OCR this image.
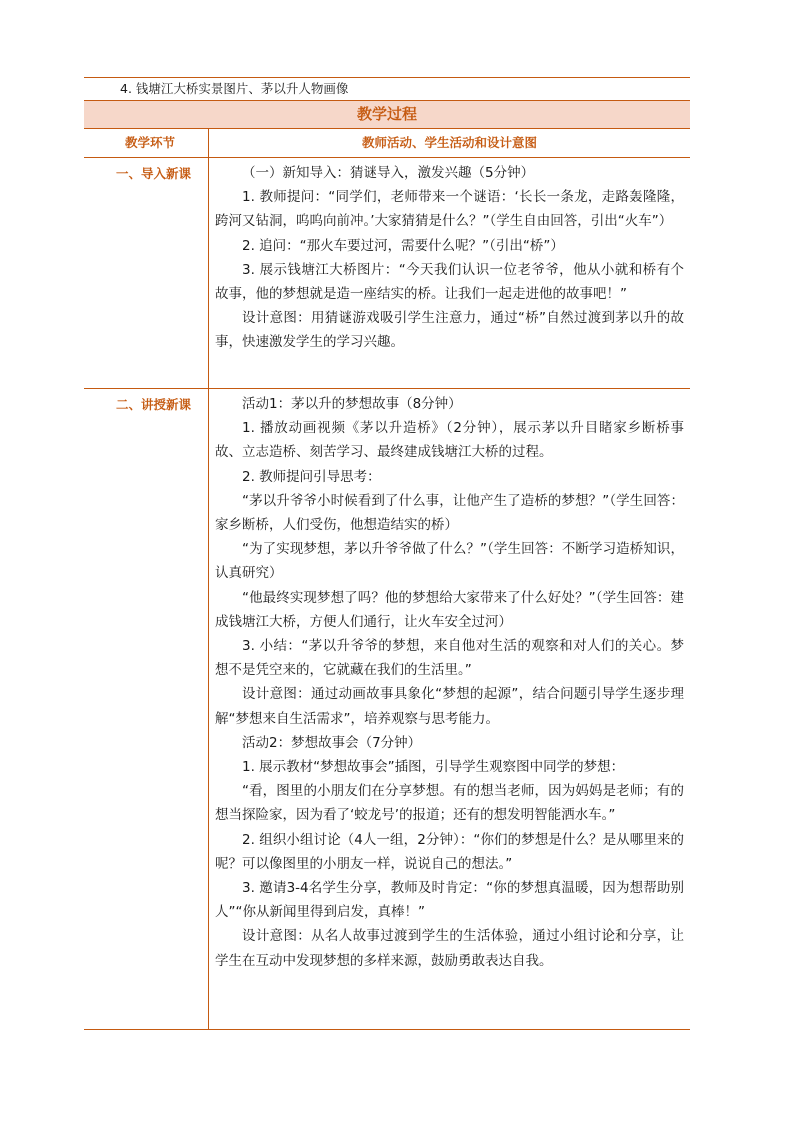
4. 钱塘江大桥实景图片、茅以升人物画像
教学过程
教学环节	教师活动、学生活动和设计意图
一、导入新课	（一）新知导入：猜谜导入，激发兴趣（5分钟）

1. 教师提问：“同学们，老师带来一个谜语：‘长长一条龙，走路轰隆隆，跨河又钻洞，呜呜向前冲。’大家猜猜是什么？”（学生自由回答，引出“火车”）

2. 追问：“那火车要过河，需要什么呢？”（引出“桥”）

3. 展示钱塘江大桥图片：“今天我们认识一位老爷爷，他从小就和桥有个故事，他的梦想就是造一座结实的桥。让我们一起走进他的故事吧！”

设计意图：用猜谜游戏吸引学生注意力，通过“桥”自然过渡到茅以升的故事，快速激发学生的学习兴趣。

二、讲授新课	活动1：茅以升的梦想故事（8分钟）

1. 播放动画视频《茅以升造桥》（2分钟），展示茅以升目睹家乡断桥事故、立志造桥、刻苦学习、最终建成钱塘江大桥的过程。

2. 教师提问引导思考：

“茅以升爷爷小时候看到了什么事，让他产生了造桥的梦想？”（学生回答：家乡断桥，人们受伤，他想造结实的桥）

“为了实现梦想，茅以升爷爷做了什么？”（学生回答：不断学习造桥知识，认真研究）

“他最终实现梦想了吗？他的梦想给大家带来了什么好处？”（学生回答：建成钱塘江大桥，方便人们通行，让火车安全过河）

3. 小结：“茅以升爷爷的梦想，来自他对生活的观察和对人们的关心。梦想不是凭空来的，它就藏在我们的生活里。”

设计意图：通过动画故事具象化“梦想的起源”，结合问题引导学生逐步理解“梦想来自生活需求”，培养观察与思考能力。

活动2：梦想故事会（7分钟）

1. 展示教材“梦想故事会”插图，引导学生观察图中同学的梦想：

“看，图里的小朋友们在分享梦想。有的想当老师，因为妈妈是老师；有的想当探险家，因为看了‘蛟龙号’的报道；还有的想发明智能洒水车。”

2. 组织小组讨论（4人一组，2分钟）：“你们的梦想是什么？是从哪里来的呢？可以像图里的小朋友一样，说说自己的想法。”

3. 邀请3-4名学生分享，教师及时肯定：“你的梦想真温暖，因为想帮助别人”“你从新闻里得到启发，真棒！”

设计意图：从名人故事过渡到学生的生活体验，通过小组讨论和分享，让学生在互动中发现梦想的多样来源，鼓励勇敢表达自我。
